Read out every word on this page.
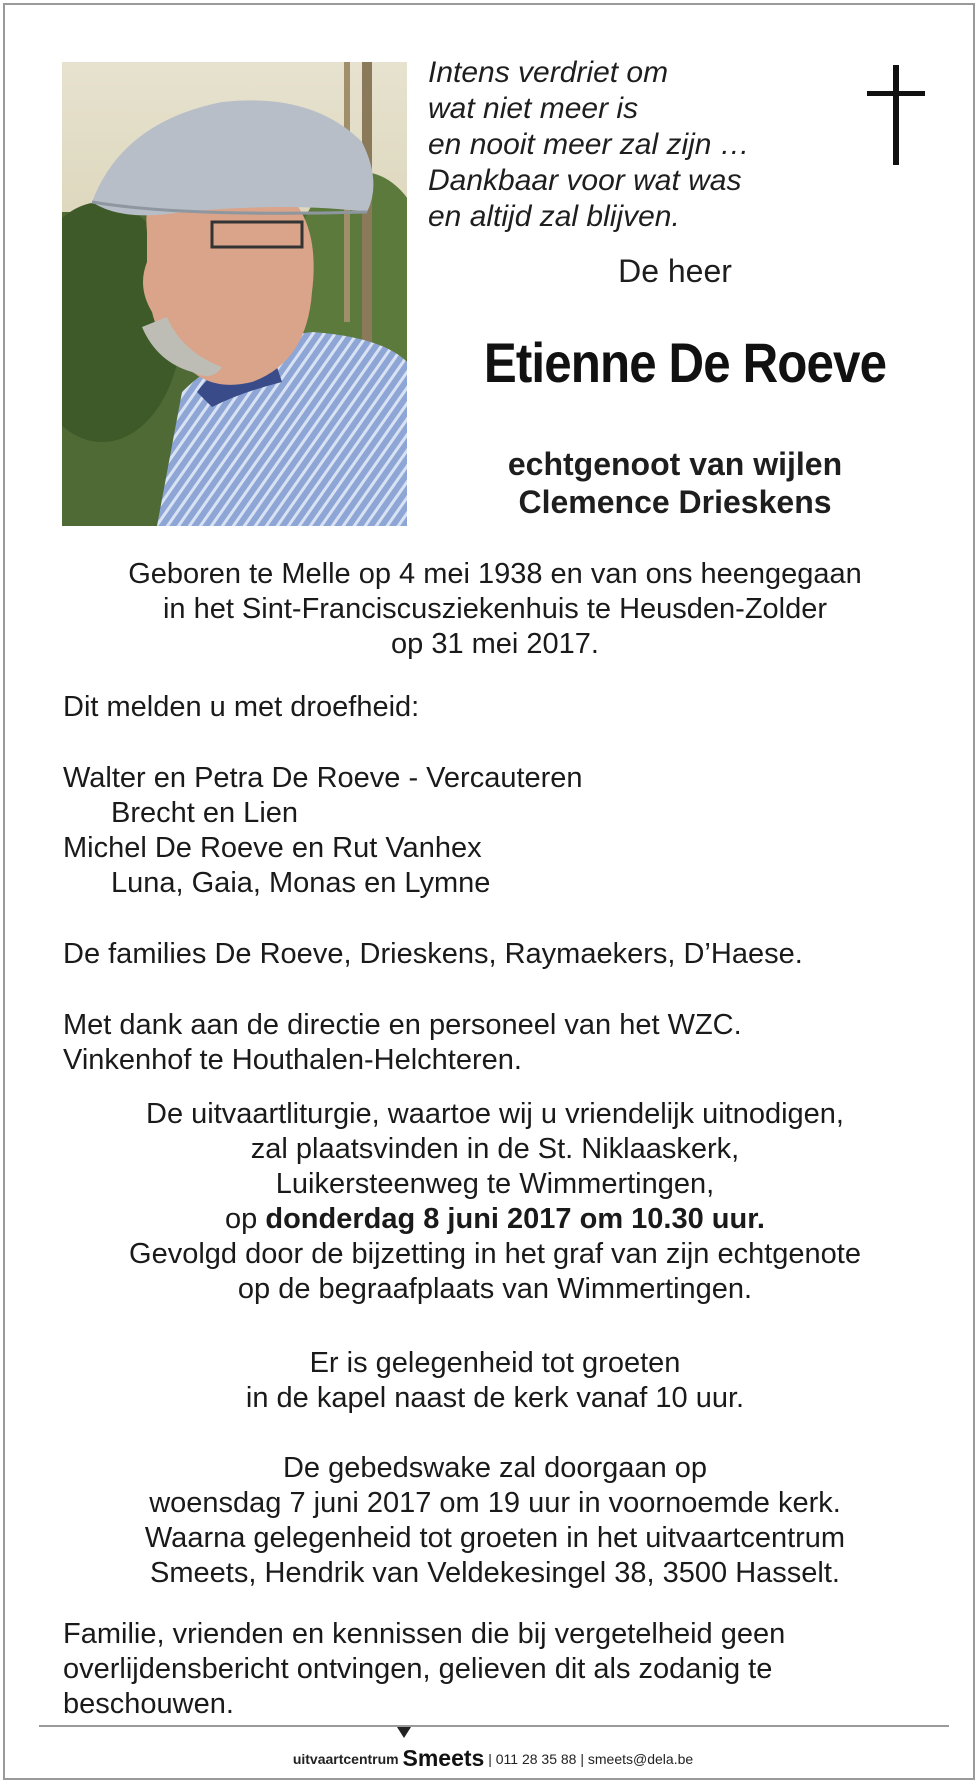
Intens verdriet om
wat niet meer is
en nooit meer zal zijn …
Dankbaar voor wat was
en altijd zal blijven.
De heer
Etienne De Roeve
echtgenoot van wijlen
Clemence Drieskens
Geboren te Melle op 4 mei 1938 en van ons heengegaan
in het Sint-Franciscusziekenhuis te Heusden-Zolder
op 31 mei 2017.
Dit melden u met droefheid:
Walter en Petra De Roeve - Vercauteren
Brecht en Lien
Michel De Roeve en Rut Vanhex
Luna, Gaia, Monas en Lymne
De families De Roeve, Drieskens, Raymaekers, D’Haese.
Met dank aan de directie en personeel van het WZC.
Vinkenhof te Houthalen-Helchteren.
De uitvaartliturgie, waartoe wij u vriendelijk uitnodigen,
zal plaatsvinden in de St. Niklaaskerk,
Luikersteenweg te Wimmertingen,
op donderdag 8 juni 2017 om 10.30 uur.
Gevolgd door de bijzetting in het graf van zijn echtgenote
op de begraafplaats van Wimmertingen.
Er is gelegenheid tot groeten
in de kapel naast de kerk vanaf 10 uur.
De gebedswake zal doorgaan op
woensdag 7 juni 2017 om 19 uur in voornoemde kerk.
Waarna gelegenheid tot groeten in het uitvaartcentrum
Smeets, Hendrik van Veldekesingel 38, 3500 Hasselt.
Familie, vrienden en kennissen die bij vergetelheid geen
overlijdensbericht ontvingen, gelieven dit als zodanig te
beschouwen.
uitvaartcentrum Smeets | 011 28 35 88 | smeets@dela.be
